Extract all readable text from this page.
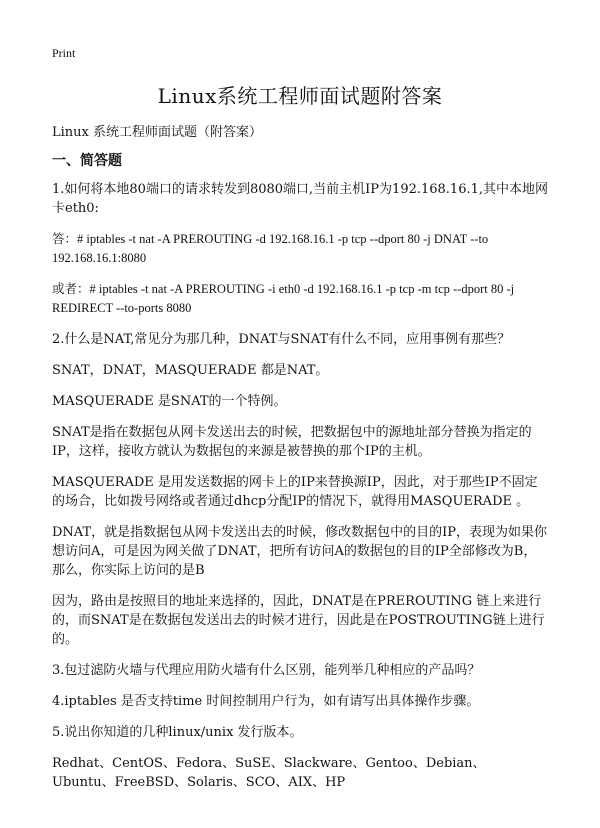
Print
Linux系统工程师面试题附答案
Linux 系统工程师面试题（附答案）
一、简答题

1.如何将本地80端口的请求转发到8080端口,当前主机IP为192.168.16.1,其中本地网卡eth0:

答：# iptables -t nat -A PREROUTING -d 192.168.16.1 -p tcp --dport 80 -j DNAT --to 192.168.16.1:8080

或者：# iptables -t nat -A PREROUTING -i eth0 -d 192.168.16.1 -p tcp -m tcp --dport 80 -j REDIRECT --to-ports 8080

2.什么是NAT,常见分为那几种，DNAT与SNAT有什么不同，应用事例有那些？

SNAT，DNAT，MASQUERADE 都是NAT。

MASQUERADE 是SNAT的一个特例。

SNAT是指在数据包从网卡发送出去的时候，把数据包中的源地址部分替换为指定的IP，这样，接收方就认为数据包的来源是被替换的那个IP的主机。

MASQUERADE 是用发送数据的网卡上的IP来替换源IP，因此，对于那些IP不固定的场合，比如拨号网络或者通过dhcp分配IP的情况下，就得用MASQUERADE 。

DNAT，就是指数据包从网卡发送出去的时候，修改数据包中的目的IP，表现为如果你想访问A，可是因为网关做了DNAT，把所有访问A的数据包的目的IP全部修改为B，那么，你实际上访问的是B

因为，路由是按照目的地址来选择的，因此，DNAT是在PREROUTING 链上来进行的，而SNAT是在数据包发送出去的时候才进行，因此是在POSTROUTING链上进行的。

3.包过滤防火墙与代理应用防火墙有什么区别，能列举几种相应的产品吗？

4.iptables 是否支持time 时间控制用户行为，如有请写出具体操作步骤。

5.说出你知道的几种linux/unix 发行版本。

Redhat、CentOS、Fedora、SuSE、Slackware、Gentoo、Debian、Ubuntu、FreeBSD、Solaris、SCO、AIX、HP
